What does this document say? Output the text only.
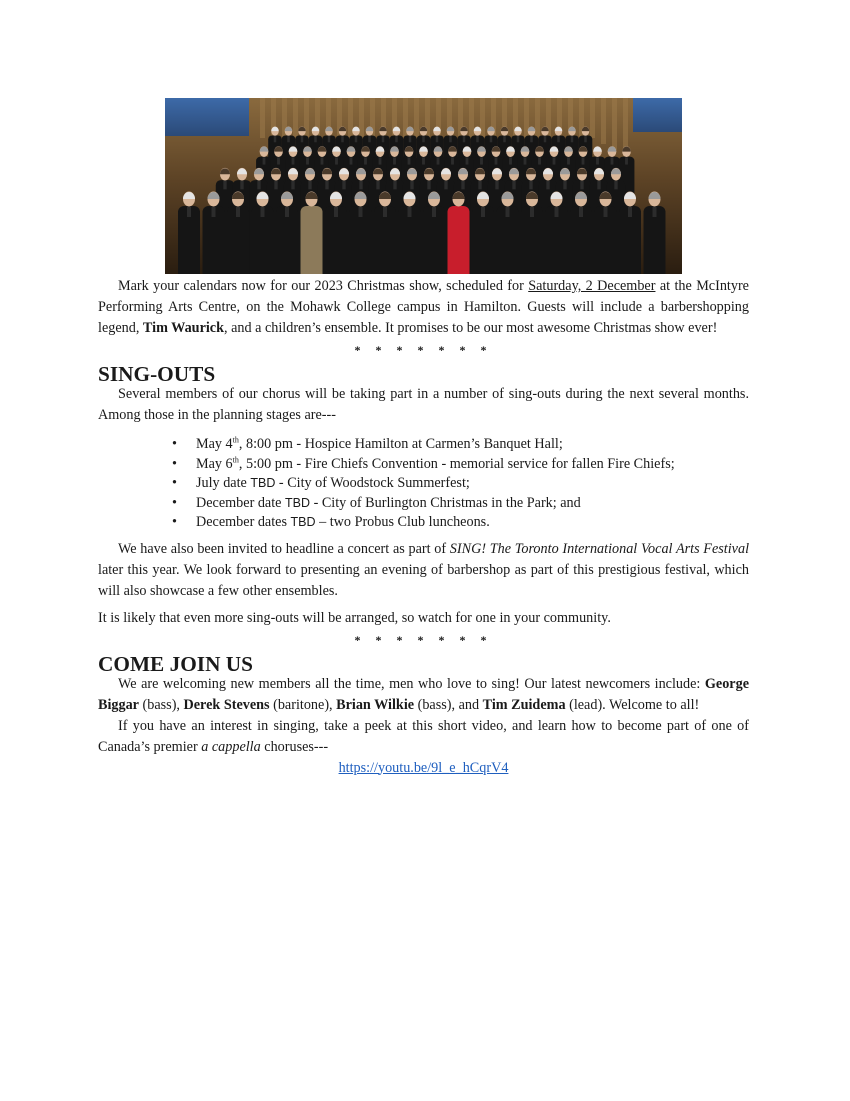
Mark your calendars now for our 2023 Christmas show, scheduled for Saturday, 2 December at the McIntyre Performing Arts Centre, on the Mohawk College campus in Hamilton. Guests will include a barbershopping legend, Tim Waurick, and a children’s ensemble. It promises to be our most awesome Christmas show ever!

* * * * * * *
SING-OUTS

Several members of our chorus will be taking part in a number of sing-outs during the next several months. Among those in the planning stages are---

• May 4th, 8:00 pm - Hospice Hamilton at Carmen’s Banquet Hall;
• May 6th, 5:00 pm - Fire Chiefs Convention - memorial service for fallen Fire Chiefs;
• July date TBD - City of Woodstock Summerfest;
• December date TBD - City of Burlington Christmas in the Park; and
• December dates TBD – two Probus Club luncheons.

We have also been invited to headline a concert as part of SING! The Toronto International Vocal Arts Festival later this year. We look forward to presenting an evening of barbershop as part of this prestigious festival, which will also showcase a few other ensembles.

It is likely that even more sing-outs will be arranged, so watch for one in your community.

* * * * * * *
COME JOIN US

We are welcoming new members all the time, men who love to sing! Our latest newcomers include: George Biggar (bass), Derek Stevens (baritone), Brian Wilkie (bass), and Tim Zuidema (lead). Welcome to all!

If you have an interest in singing, take a peek at this short video, and learn how to become part of one of Canada’s premier a cappella choruses---

https://youtu.be/9l_e_hCqrV4
